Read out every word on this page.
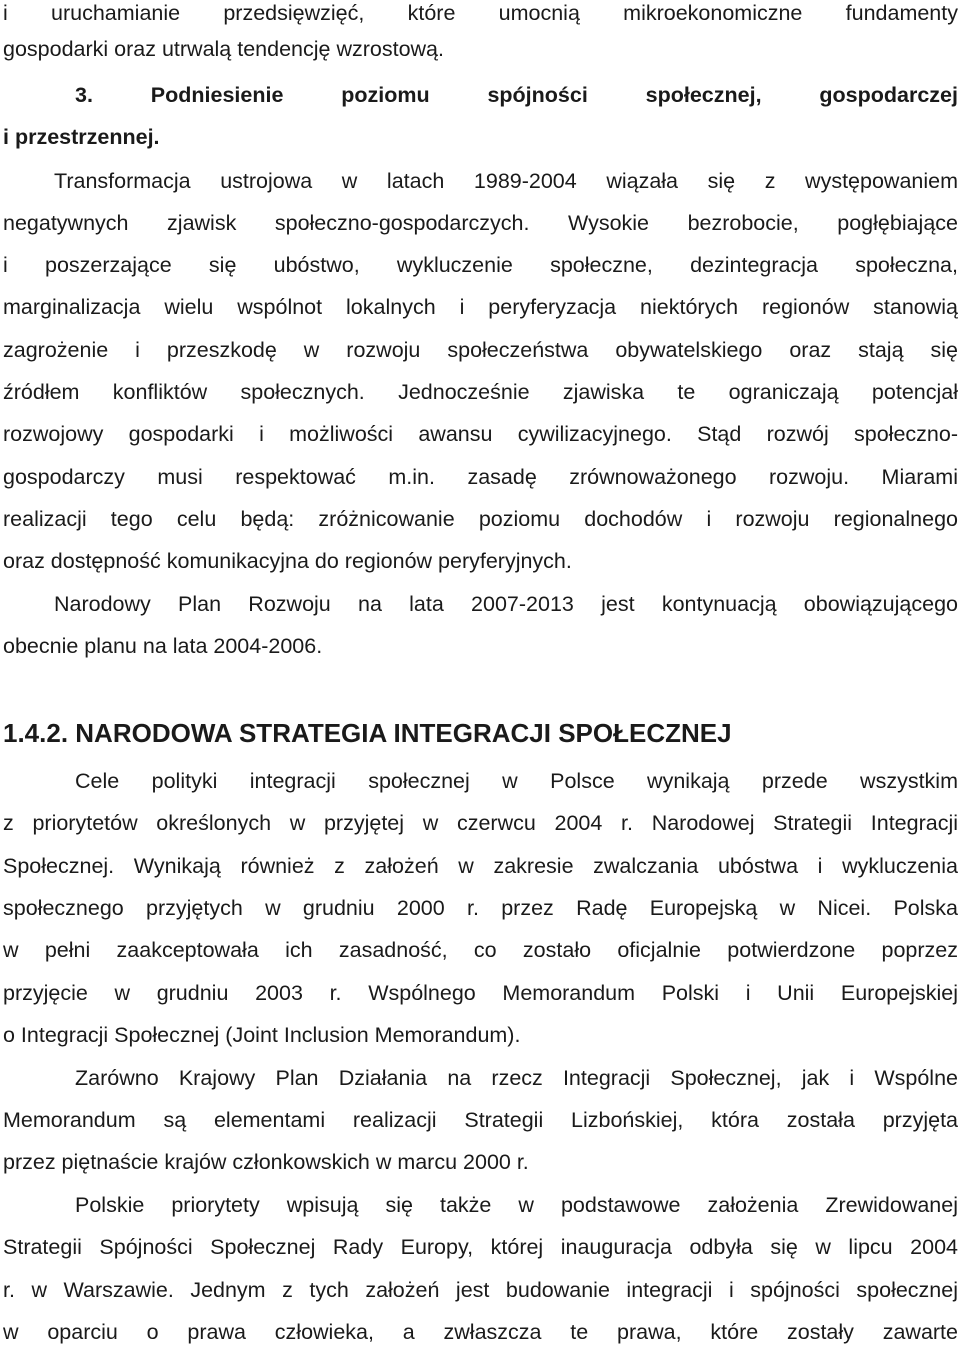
i uruchamianie przedsięwzięć, które umocnią mikroekonomiczne fundamenty
gospodarki oraz utrwalą tendencję wzrostową.
3. Podniesienie poziomu spójności społecznej, gospodarczej
i przestrzennej.
Transformacja ustrojowa w latach 1989-2004 wiązała się z występowaniem
negatywnych zjawisk społeczno-gospodarczych. Wysokie bezrobocie, pogłębiające
i poszerzające się ubóstwo, wykluczenie społeczne, dezintegracja społeczna,
marginalizacja wielu wspólnot lokalnych i peryferyzacja niektórych regionów stanowią
zagrożenie i przeszkodę w rozwoju społeczeństwa obywatelskiego oraz stają się
źródłem konfliktów społecznych. Jednocześnie zjawiska te ograniczają potencjał
rozwojowy gospodarki i możliwości awansu cywilizacyjnego. Stąd rozwój społeczno-
gospodarczy musi respektować m.in. zasadę zrównoważonego rozwoju. Miarami
realizacji tego celu będą: zróżnicowanie poziomu dochodów i rozwoju regionalnego
oraz dostępność komunikacyjna do regionów peryferyjnych.
Narodowy Plan Rozwoju na lata 2007-2013 jest kontynuacją obowiązującego
obecnie planu na lata 2004-2006.
1.4.2. NARODOWA STRATEGIA INTEGRACJI SPOŁECZNEJ
Cele polityki integracji społecznej w Polsce wynikają przede wszystkim
z priorytetów określonych w przyjętej w czerwcu 2004 r. Narodowej Strategii Integracji
Społecznej. Wynikają również z założeń w zakresie zwalczania ubóstwa i wykluczenia
społecznego przyjętych w grudniu 2000 r. przez Radę Europejską w Nicei. Polska
w pełni zaakceptowała ich zasadność, co zostało oficjalnie potwierdzone poprzez
przyjęcie w grudniu 2003 r. Wspólnego Memorandum Polski i Unii Europejskiej
o Integracji Społecznej (Joint Inclusion Memorandum).
Zarówno Krajowy Plan Działania na rzecz Integracji Społecznej, jak i Wspólne
Memorandum są elementami realizacji Strategii Lizbońskiej, która została przyjęta
przez piętnaście krajów członkowskich w marcu 2000 r.
Polskie priorytety wpisują się także w podstawowe założenia Zrewidowanej
Strategii Spójności Społecznej Rady Europy, której inauguracja odbyła się w lipcu 2004
r. w Warszawie. Jednym z tych założeń jest budowanie integracji i spójności społecznej
w oparciu o prawa człowieka, a zwłaszcza te prawa, które zostały zawarte
